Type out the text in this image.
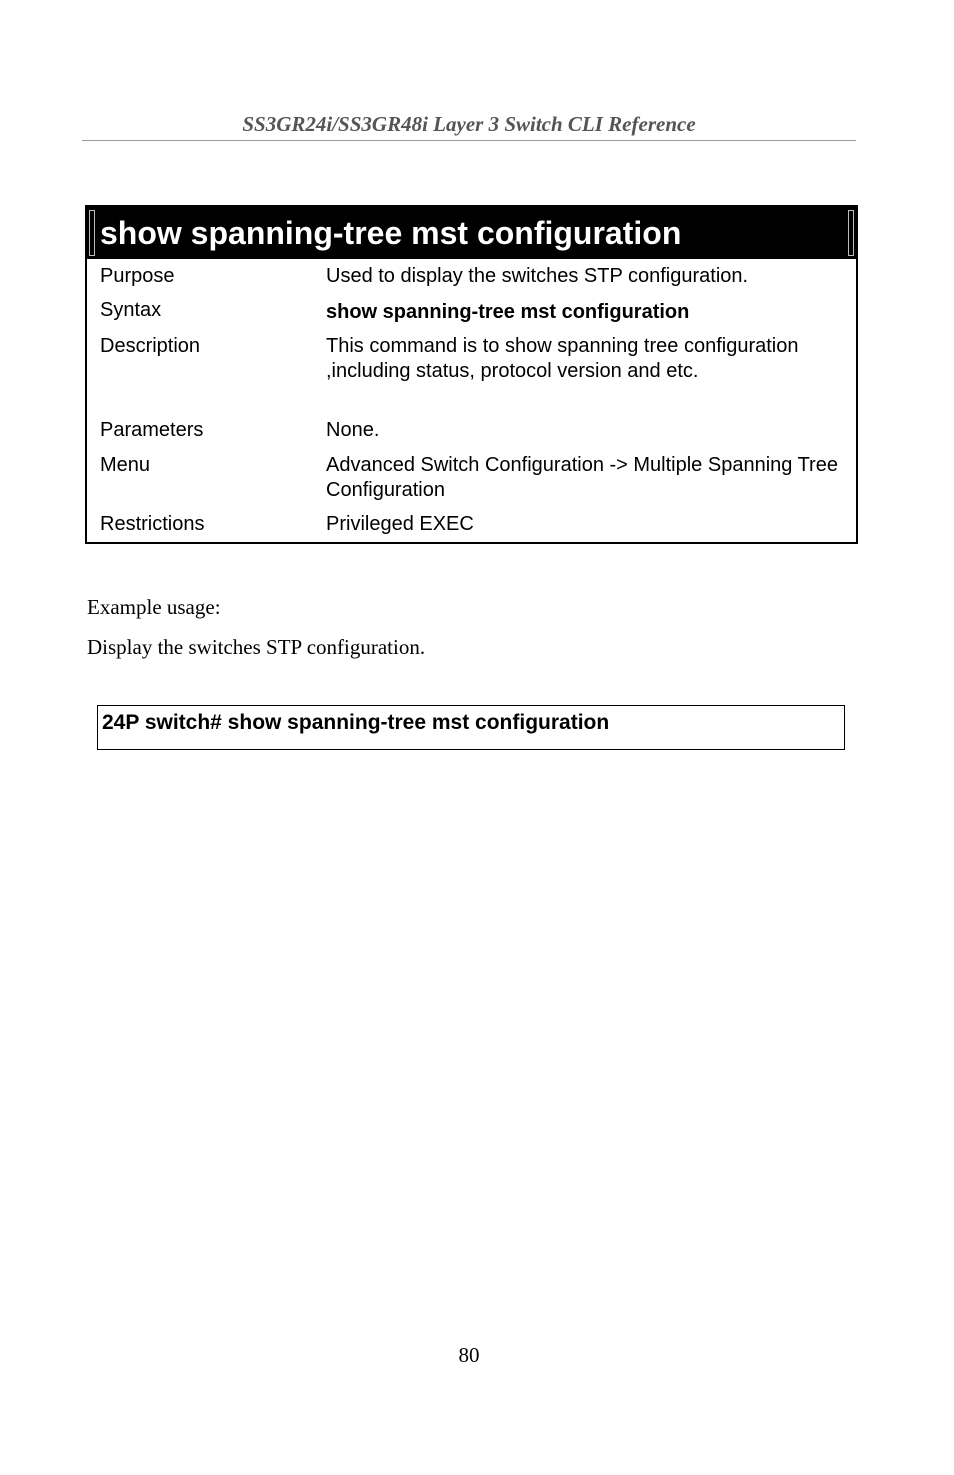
SS3GR24i/SS3GR48i Layer 3 Switch CLI Reference
show spanning-tree mst configuration
Purpose	Used to display the switches STP configuration.
Syntax	show spanning-tree mst configuration
Description	This command is to show spanning tree configuration ,including status, protocol version and etc.
Parameters	None.
Menu	Advanced Switch Configuration -> Multiple Spanning Tree Configuration
Restrictions	Privileged EXEC
Example usage:
Display the switches STP configuration.
24P switch# show spanning-tree mst configuration
80
